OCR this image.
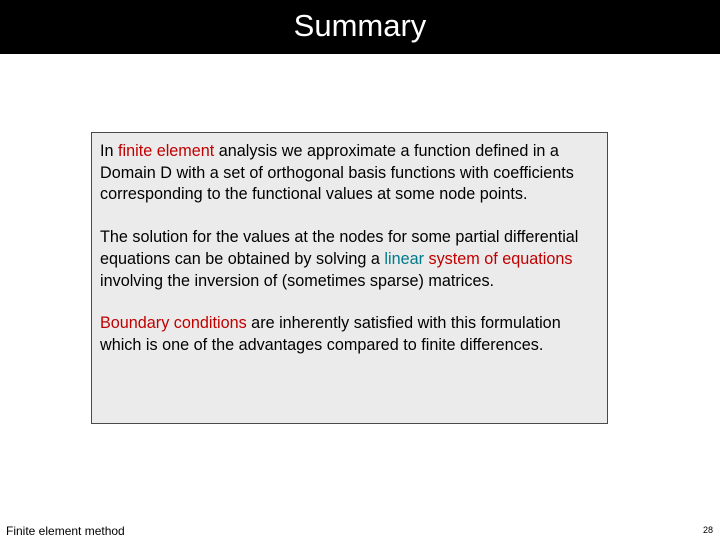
Summary

In finite element analysis we approximate a function defined in a Domain D with a set of orthogonal basis functions with coefficients corresponding to the functional values at some node points.

The solution for the values at the nodes for some partial differential equations can be obtained by solving a linear system of equations involving the inversion of (sometimes sparse) matrices.

Boundary conditions are inherently satisfied with this formulation which is one of the advantages compared to finite differences.

Finite element method	28
